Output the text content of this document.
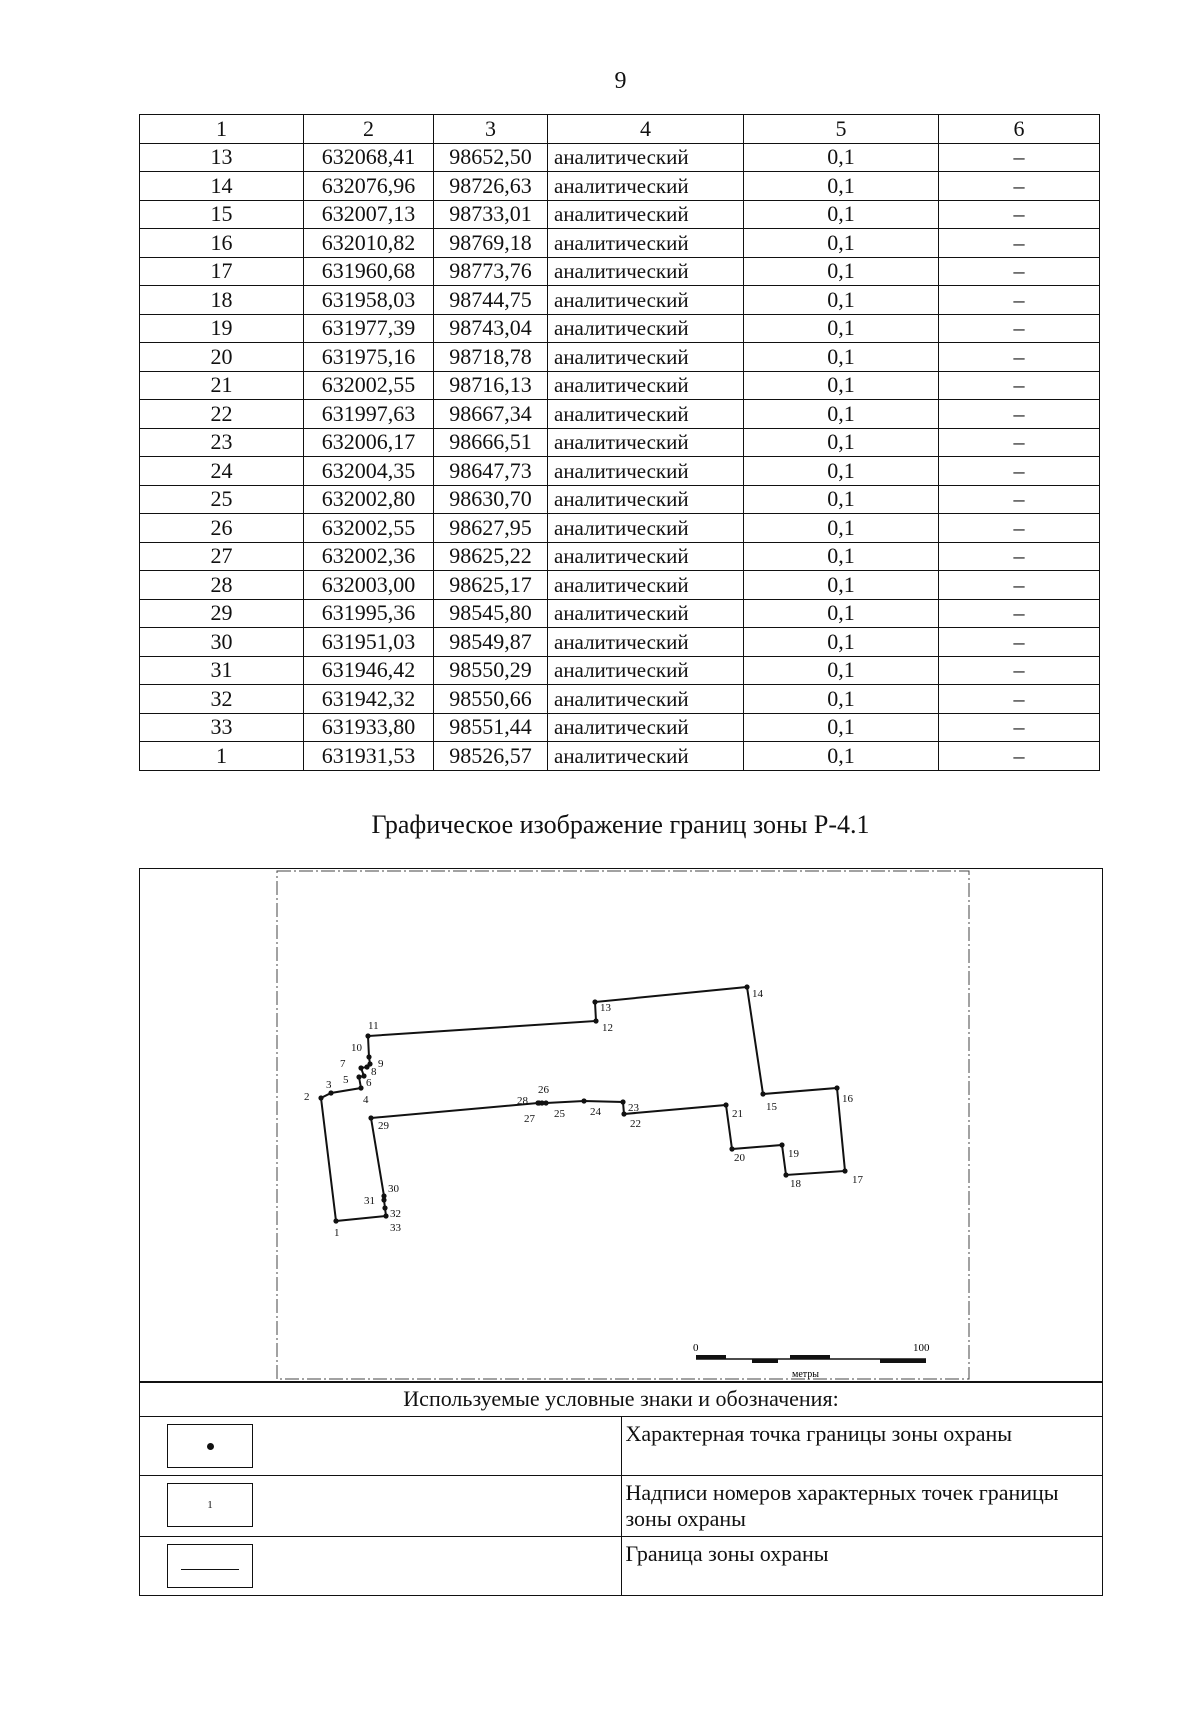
9
1	2	3	4	5	6
13	632068,41	98652,50	аналитический	0,1	–
14	632076,96	98726,63	аналитический	0,1	–
15	632007,13	98733,01	аналитический	0,1	–
16	632010,82	98769,18	аналитический	0,1	–
17	631960,68	98773,76	аналитический	0,1	–
18	631958,03	98744,75	аналитический	0,1	–
19	631977,39	98743,04	аналитический	0,1	–
20	631975,16	98718,78	аналитический	0,1	–
21	632002,55	98716,13	аналитический	0,1	–
22	631997,63	98667,34	аналитический	0,1	–
23	632006,17	98666,51	аналитический	0,1	–
24	632004,35	98647,73	аналитический	0,1	–
25	632002,80	98630,70	аналитический	0,1	–
26	632002,55	98627,95	аналитический	0,1	–
27	632002,36	98625,22	аналитический	0,1	–
28	632003,00	98625,17	аналитический	0,1	–
29	631995,36	98545,80	аналитический	0,1	–
30	631951,03	98549,87	аналитический	0,1	–
31	631946,42	98550,29	аналитический	0,1	–
32	631942,32	98550,66	аналитический	0,1	–
33	631933,80	98551,44	аналитический	0,1	–
1	631931,53	98526,57	аналитический	0,1	–
Графическое изображение границ зоны Р-4.1
1
2
3
4
5 6
7
8
9
10
11	12
13
14
15
16
17
18
19
20
21
22
23
24
25
26
27
28
29
30
31
32
33
0	100
метры
Используемые условные знаки и обозначения:	

	Характерная точка границы зоны охраны

1	Надписи номеров характерных точек границы зоны охраны

	Граница зоны охраны
